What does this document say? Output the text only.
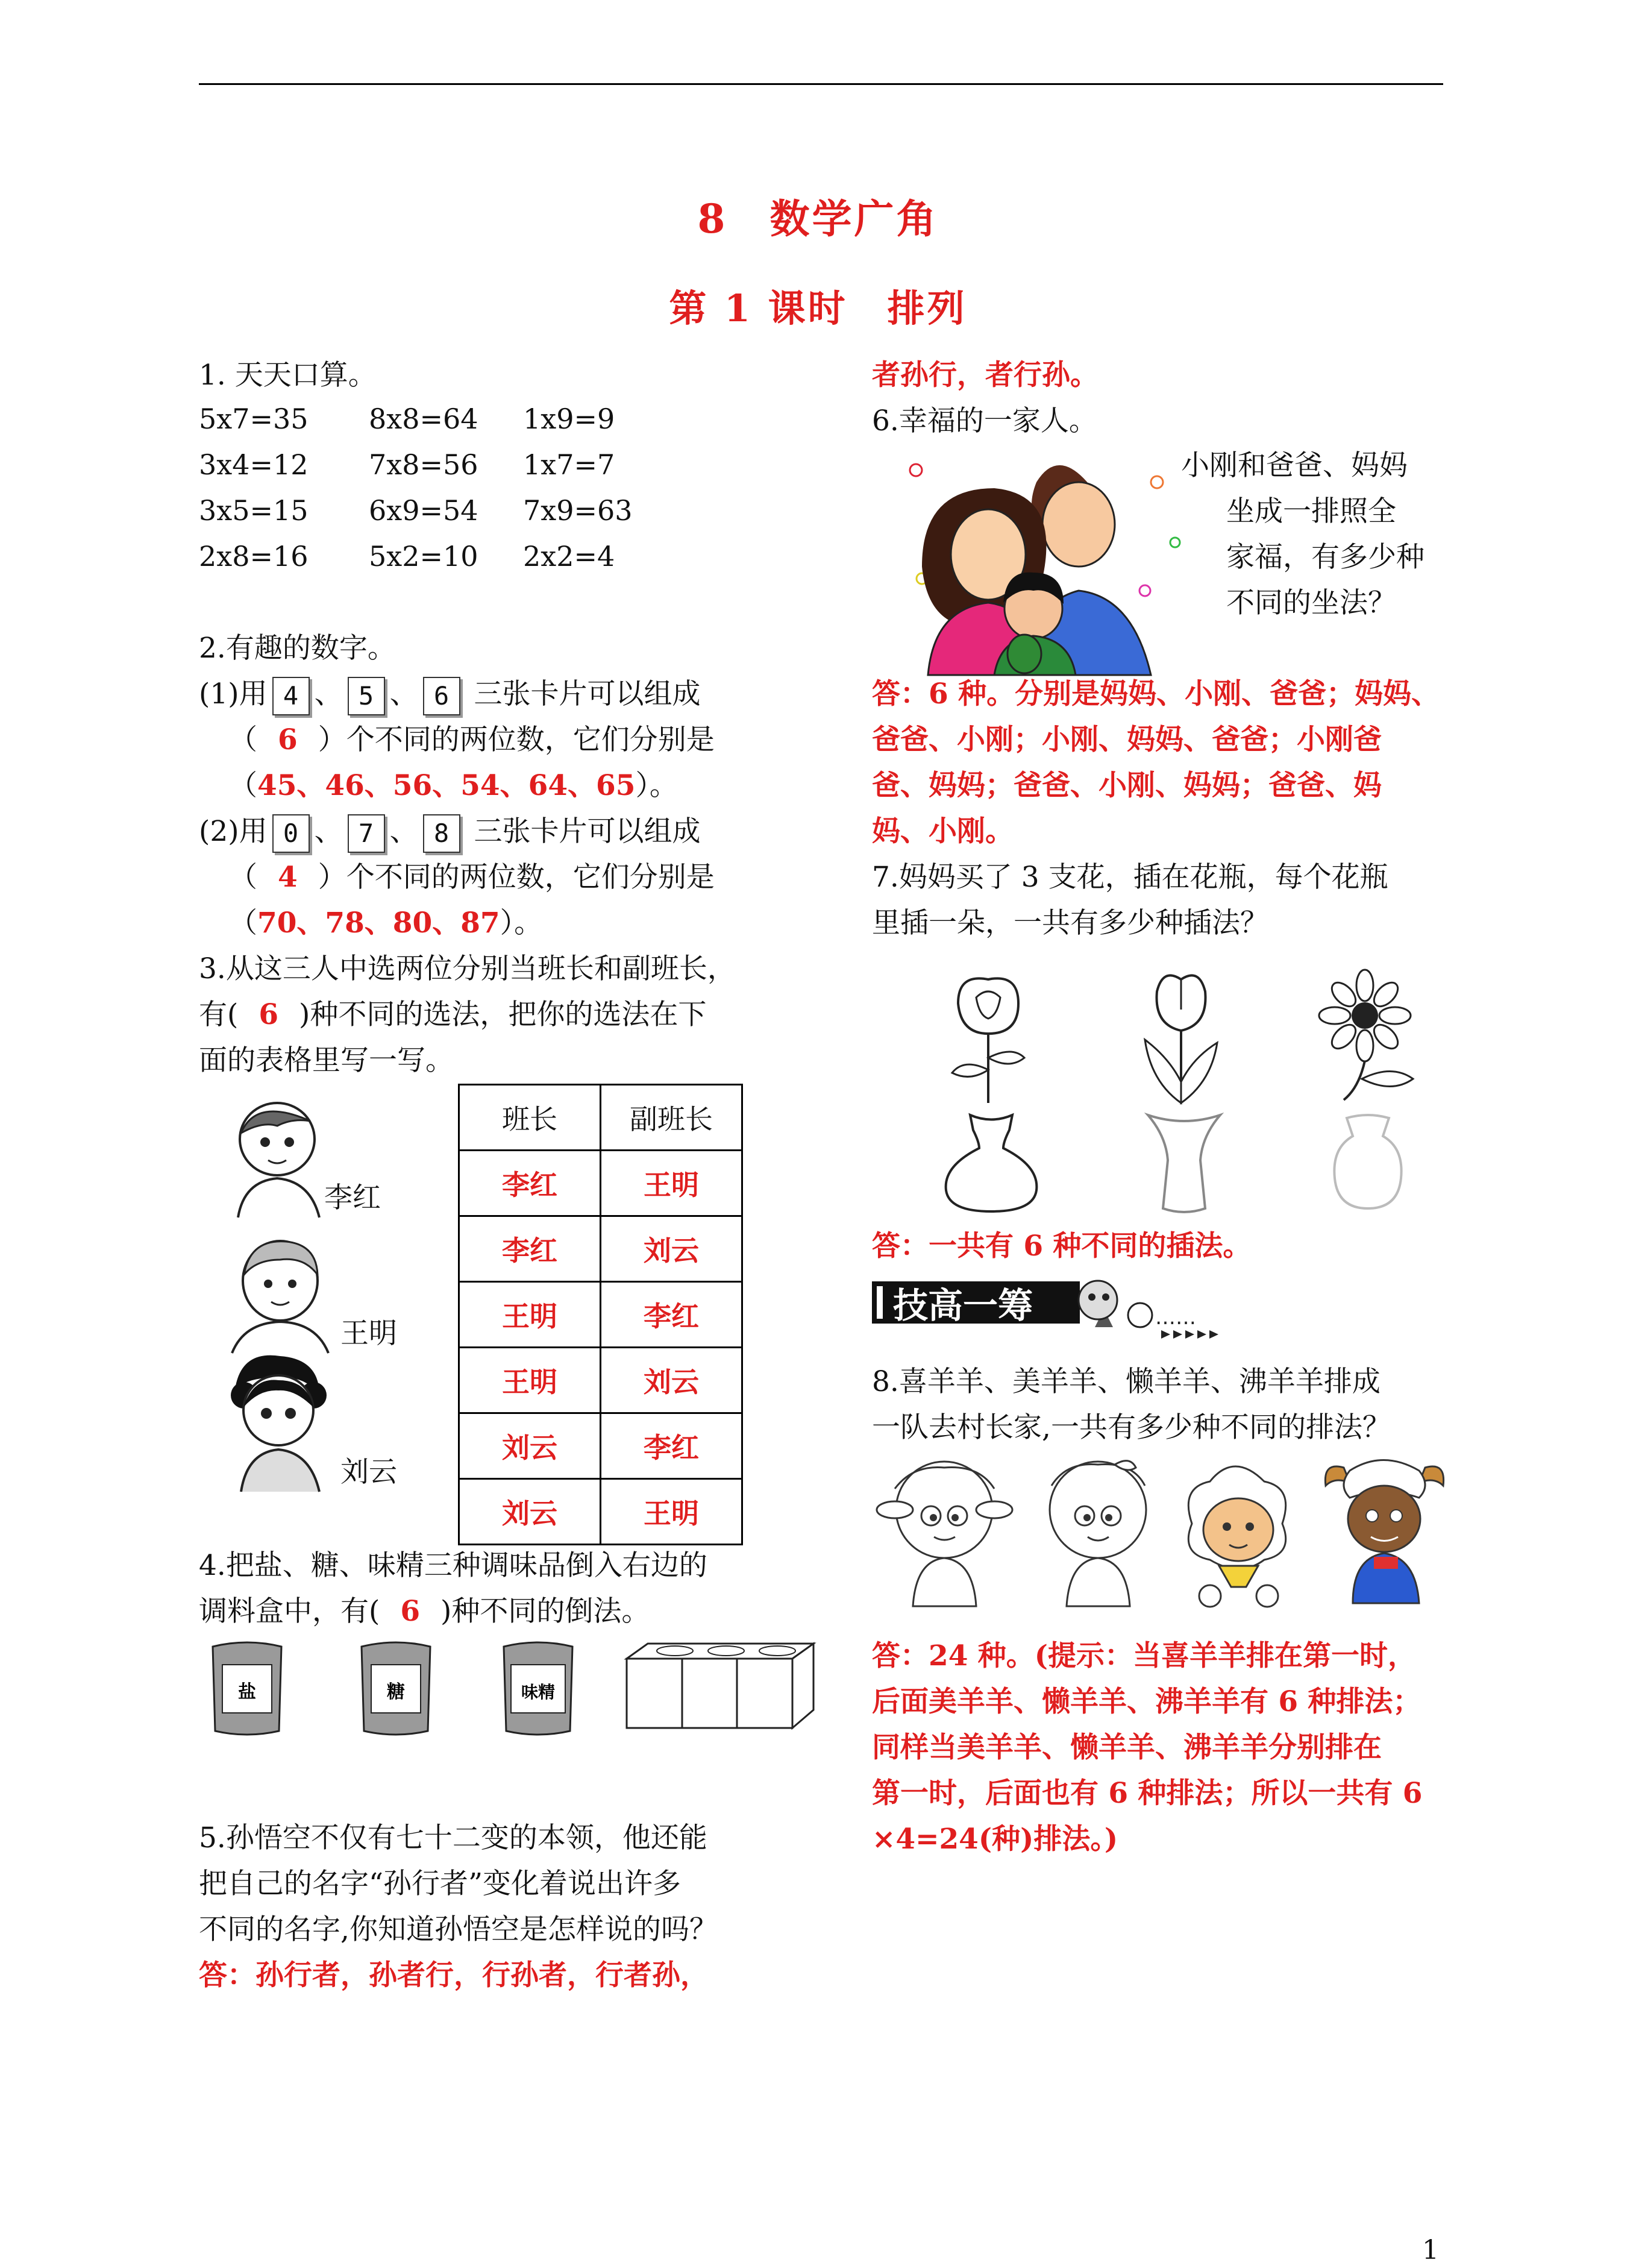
8　数学广角
第 1 课时　排列
1. 天天口算。
5x7=35 8x8=64 1x9=9
3x4=12 7x8=56 1x7=7
3x5=15 6x9=54 7x9=63
2x8=16 5x2=10 2x2=4
2.有趣的数字。
(1)用 4 、 5 、 6 三张卡片可以组成
（ 6 ）个不同的两位数，它们分别是
（45、46、56、54、64、65）。
(2)用 0 、 7 、 8 三张卡片可以组成
（ 4 ）个不同的两位数，它们分别是
（70、78、80、87）。
3.从这三人中选两位分别当班长和副班长，
有( 6 )种不同的选法，把你的选法在下
面的表格里写一写。
李红
王明
刘云
班长	副班长
李红	王明
李红	刘云
王明	李红
王明	刘云
刘云	李红
刘云	王明
4.把盐、糖、味精三种调味品倒入右边的
调料盒中，有( 6 )种不同的倒法。
盐	糖	味精
5.孙悟空不仅有七十二变的本领，他还能
把自己的名字“孙行者”变化着说出许多
不同的名字,你知道孙悟空是怎样说的吗？
答：孙行者，孙者行，行孙者，行者孙，
者孙行，者行孙。
6.幸福的一家人。
小刚和爸爸、妈妈
坐成一排照全
家福，有多少种
不同的坐法？
答：6 种。分别是妈妈、小刚、爸爸；妈妈、
爸爸、小刚；小刚、妈妈、爸爸；小刚爸
爸、妈妈；爸爸、小刚、妈妈；爸爸、妈
妈、小刚。
7.妈妈买了 3 支花，插在花瓶，每个花瓶
里插一朵，一共有多少种插法？
答：一共有 6 种不同的插法。
……
技高一筹
8.喜羊羊、美羊羊、懒羊羊、沸羊羊排成
一队去村长家,一共有多少种不同的排法？
答：24 种。(提示：当喜羊羊排在第一时，
后面美羊羊、懒羊羊、沸羊羊有 6 种排法；
同样当美羊羊、懒羊羊、沸羊羊分别排在
第一时，后面也有 6 种排法；所以一共有 6
×4=24(种)排法。)
1
